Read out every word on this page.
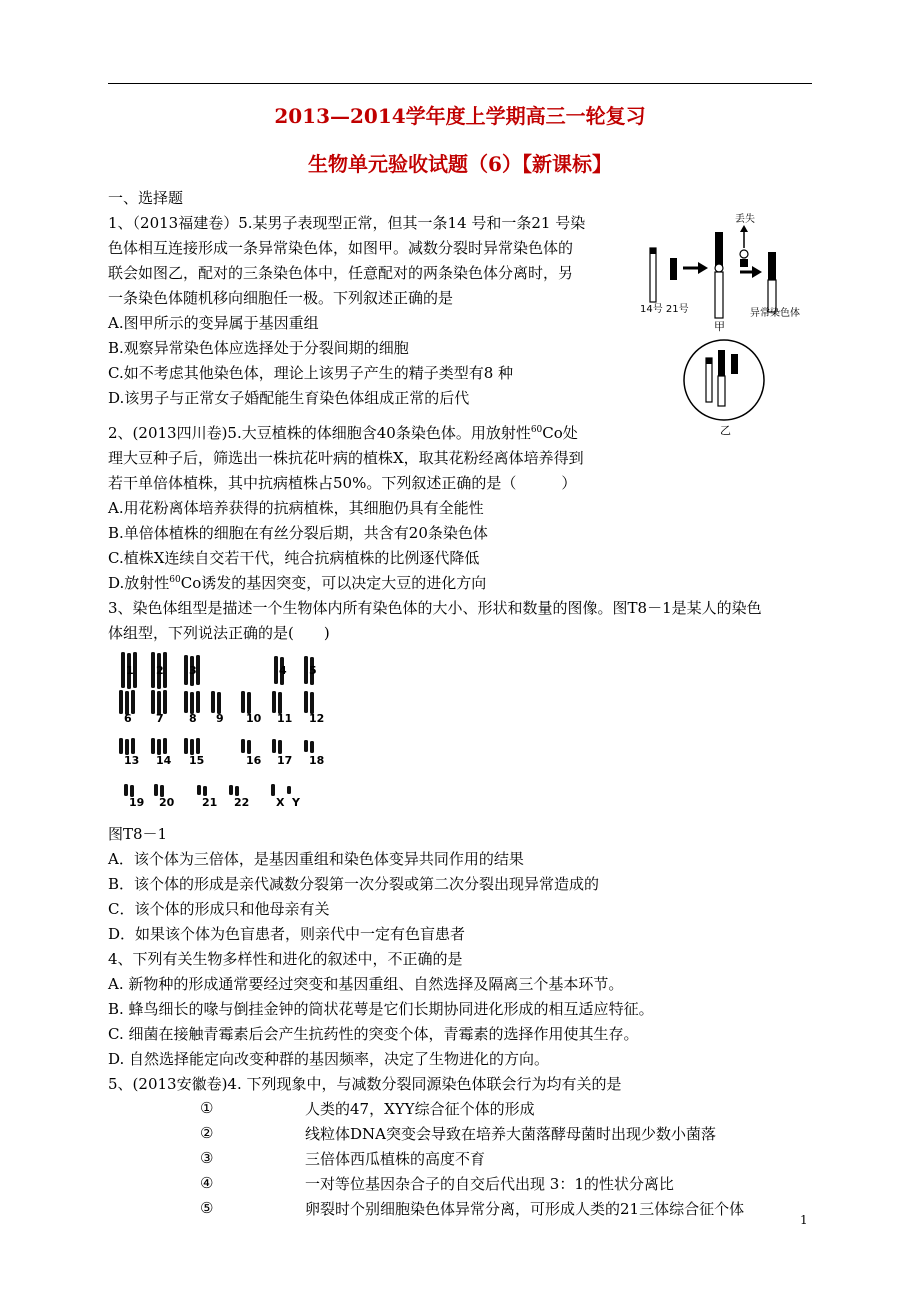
2013—2014学年度上学期高三一轮复习
生物单元验收试题（6）【新课标】
一、选择题
1、（2013福建卷）5.某男子表现型正常，但其一条14 号和一条21 号染
色体相互连接形成一条异常染色体，如图甲。减数分裂时异常染色体的
联会如图乙，配对的三条染色体中，任意配对的两条染色体分离时，另
一条染色体随机移向细胞任一极。下列叙述正确的是
A.图甲所示的变异属于基因重组
B.观察异常染色体应选择处于分裂间期的细胞
C.如不考虑其他染色体，理论上该男子产生的精子类型有8 种
D.该男子与正常女子婚配能生育染色体组成正常的后代
丢失
14号 21号
甲
异常染色体
乙
2、(2013四川卷)5.大豆植株的体细胞含40条染色体。用放射性$^{60}$Co处
理大豆种子后，筛选出一株抗花叶病的植株X，取其花粉经离体培养得到
若干单倍体植株，其中抗病植株占50%。下列叙述正确的是（　　　）
A.用花粉离体培养获得的抗病植株，其细胞仍具有全能性
B.单倍体植株的细胞在有丝分裂后期，共含有20条染色体
C.植株X连续自交若干代，纯合抗病植株的比例逐代降低
D.放射性$^{60}$Co诱发的基因突变，可以决定大豆的进化方向
3、染色体组型是描述一个生物体内所有染色体的大小、形状和数量的图像。图T8－1是某人的染色
体组型，下列说法正确的是(　　)
1 2 3	4 5
6 7 8 9 10 11 12
13 14 15	16 17 18
19 20	21 22 X Y
图T8－1
A．该个体为三倍体，是基因重组和染色体变异共同作用的结果
B．该个体的形成是亲代减数分裂第一次分裂或第二次分裂出现异常造成的
C．该个体的形成只和他母亲有关
D．如果该个体为色盲患者，则亲代中一定有色盲患者
4、下列有关生物多样性和进化的叙述中，不正确的是
A. 新物种的形成通常要经过突变和基因重组、自然选择及隔离三个基本环节。
B. 蜂鸟细长的喙与倒挂金钟的筒状花萼是它们长期协同进化形成的相互适应特征。
C. 细菌在接触青霉素后会产生抗药性的突变个体，青霉素的选择作用使其生存。
D. 自然选择能定向改变种群的基因频率，决定了生物进化的方向。
5、(2013安徽卷)4. 下列现象中，与减数分裂同源染色体联会行为均有关的是
①	人类的47，XYY综合征个体的形成
②	线粒体DNA突变会导致在培养大菌落酵母菌时出现少数小菌落
③	三倍体西瓜植株的高度不育
④	一对等位基因杂合子的自交后代出现 3：1的性状分离比
⑤	卵裂时个别细胞染色体异常分离，可形成人类的21三体综合征个体
1
